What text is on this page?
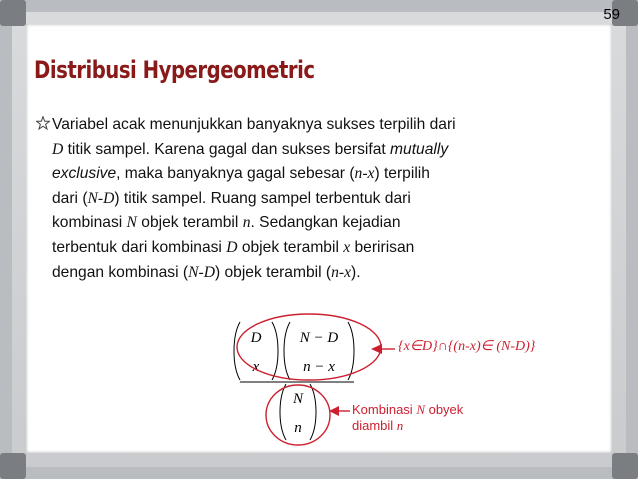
59
Distribusi Hypergeometric
Variabel acak menunjukkan banyaknya sukses terpilih dari
D titik sampel. Karena gagal dan sukses bersifat mutually
exclusive, maka banyaknya gagal sebesar (n-x) terpilih
dari (N-D) titik sampel. Ruang sampel terbentuk dari
kombinasi N objek terambil n. Sedangkan kejadian
terbentuk dari kombinasi D objek terambil x beririsan
dengan kombinasi (N-D) objek terambil (n-x).
D
x
N − D
n − x
N
n
{x∈D}∩{(n-x)∈ (N-D)}
Kombinasi N obyek
diambil n
